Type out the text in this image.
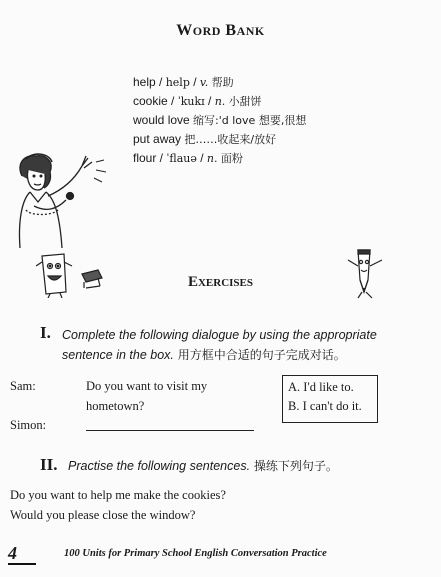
WORD BANK
help / help / v. 帮助
cookie / ˈkukɪ / n. 小甜饼
would love 缩写:'d love 想要,很想
put away 把……收起来/放好
flour / ˈflauə / n. 面粉
EXERCISES
I. Complete the following dialogue by using the appropriate
sentence in the box. 用方框中合适的句子完成对话。
Sam:	Do you want to visit my
hometown?
Simon:
A. I'd like to.
B. I can't do it.
II. Practise the following sentences. 操练下列句子。
Do you want to help me make the cookies?
Would you please close the window?
4	100 Units for Primary School English Conversation Practice
